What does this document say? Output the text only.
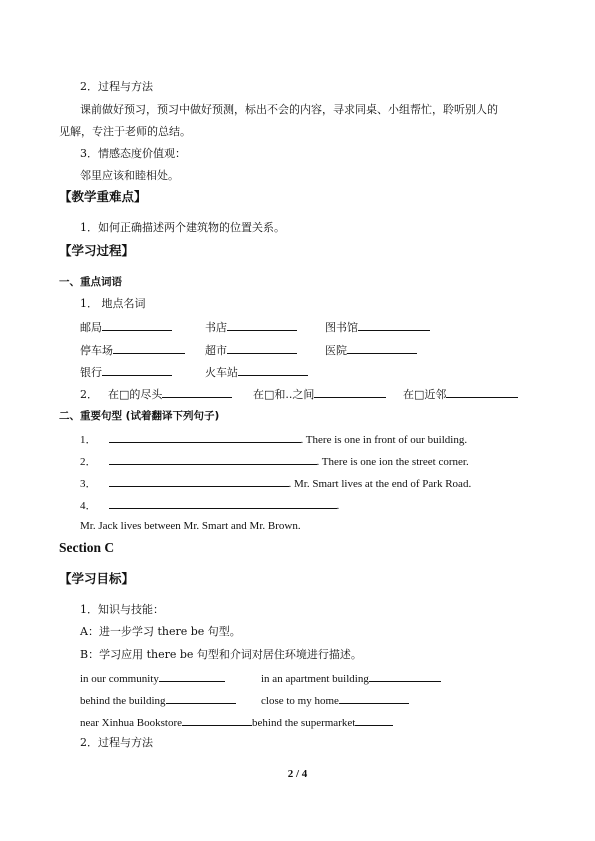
2．过程与方法
课前做好预习，预习中做好预测，标出不会的内容，寻求同桌、小组帮忙，聆听别人的
见解，专注于老师的总结。
3．情感态度价值观：
邻里应该和睦相处。
【教学重难点】
1．如何正确描述两个建筑物的位置关系。
【学习过程】
一、重点词语
1． 地点名词
邮局	书店	图书馆
停车场	超市	医院
银行	火车站
2． 在□的尽头	在□和..之间	在□近邻
二、重要句型 (试着翻译下列句子)
1．	. There is one in front of our building.
2．	. There is one ion the street corner.
3．	. Mr. Smart lives at the end of Park Road.
4．	.
Mr. Jack lives between Mr. Smart and Mr. Brown.
Section C
【学习目标】
1．知识与技能：
A：进一步学习 there be 句型。
B：学习应用 there be 句型和介词对居住环境进行描述。
in our community	in an apartment building
behind the building	close to my home
near Xinhua Bookstore	behind the supermarket
2．过程与方法
2 / 4
